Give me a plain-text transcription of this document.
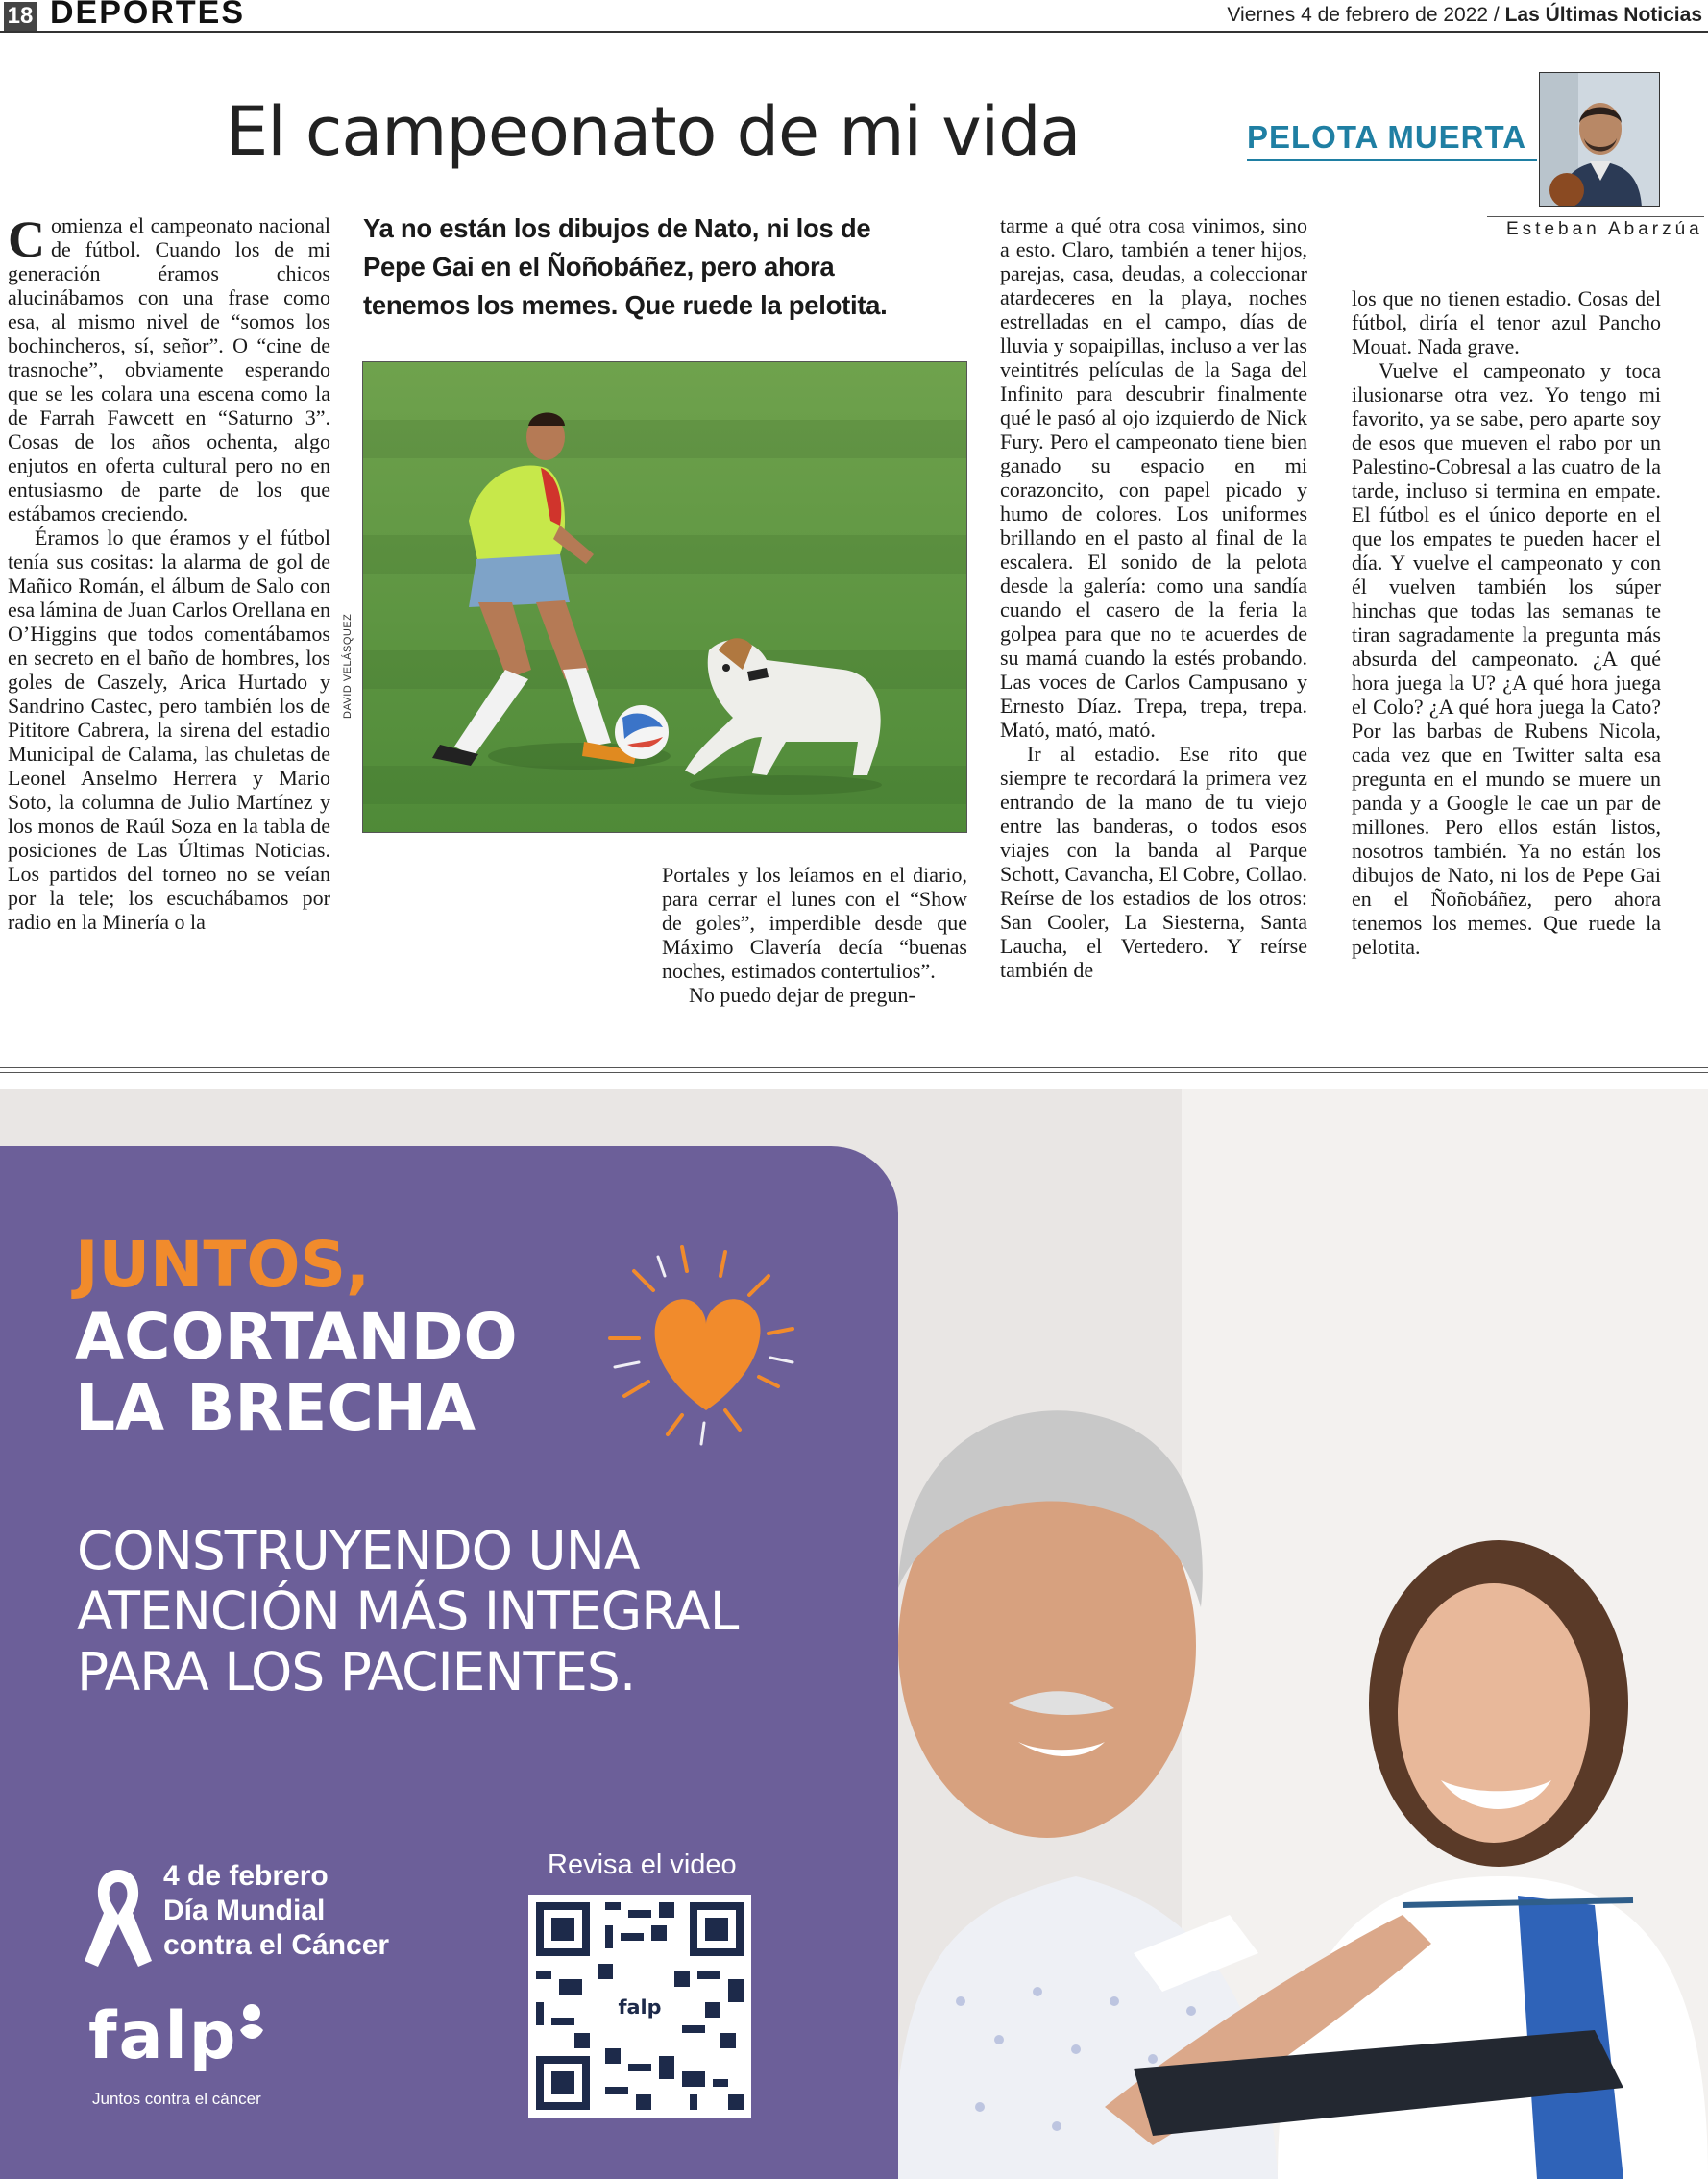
18 DEPORTES	Viernes 4 de febrero de 2022 / Las Últimas Noticias
El campeonato de mi vida	PELOTA MUERTA
Esteban Abarzúa

Comienza el campeonato nacional de fútbol. Cuando los de mi generación éramos chicos alucinábamos con una frase como esa, al mismo nivel de “somos los bochincheros, sí, señor”. O “cine de trasnoche”, obviamente esperando que se les colara una escena como la de Farrah Fawcett en “Saturno 3”. Cosas de los años ochenta, algo enjutos en oferta cultural pero no en entusiasmo de parte de los que estábamos creciendo.

Éramos lo que éramos y el fútbol tenía sus cositas: la alarma de gol de Mañico Román, el álbum de Salo con esa lámina de Juan Carlos Orellana en O’Higgins que todos comentábamos en secreto en el baño de hombres, los goles de Caszely, Arica Hurtado y Sandrino Castec, pero también los de Pititore Cabrera, la sirena del estadio Municipal de Calama, las chuletas de Leonel Anselmo Herrera y Mario Soto, la columna de Julio Martínez y los monos de Raúl Soza en la tabla de posiciones de Las Últimas Noticias. Los partidos del torneo no se veían por la tele; los escuchábamos por radio en la Minería o la

Ya no están los dibujos de Nato, ni los de Pepe Gai en el Ñoñobáñez, pero ahora tenemos los memes. Que ruede la pelotita.
DAVID VELÁSQUEZ

Portales y los leíamos en el diario, para cerrar el lunes con el “Show de goles”, imperdible desde que Máximo Clavería decía “buenas noches, estimados contertulios”.

No puedo dejar de pregun-

tarme a qué otra cosa vinimos, sino a esto. Claro, también a tener hijos, parejas, casa, deudas, a coleccionar atardeceres en la playa, noches estrelladas en el campo, días de lluvia y sopaipillas, incluso a ver las veintitrés películas de la Saga del Infinito para descubrir finalmente qué le pasó al ojo izquierdo de Nick Fury. Pero el campeonato tiene bien ganado su espacio en mi corazoncito, con papel picado y humo de colores. Los uniformes brillando en el pasto al final de la escalera. El sonido de la pelota desde la galería: como una sandía cuando el casero de la feria la golpea para que no te acuerdes de su mamá cuando la estés probando. Las voces de Carlos Campusano y Ernesto Díaz. Trepa, trepa, trepa. Mató, mató, mató.

Ir al estadio. Ese rito que siempre te recordará la primera vez entrando de la mano de tu viejo entre las banderas, o todos esos viajes con la banda al Parque Schott, Cavancha, El Cobre, Collao. Reírse de los estadios de los otros: San Cooler, La Siesterna, Santa Laucha, el Vertedero. Y reírse también de

los que no tienen estadio. Cosas del fútbol, diría el tenor azul Pancho Mouat. Nada grave.

Vuelve el campeonato y toca ilusionarse otra vez. Yo tengo mi favorito, ya se sabe, pero aparte soy de esos que mueven el rabo por un Palestino-Cobresal a las cuatro de la tarde, incluso si termina en empate. El fútbol es el único deporte en el que los empates te pueden hacer el día. Y vuelve el campeonato y con él vuelven también los súper hinchas que todas las semanas te tiran sagradamente la pregunta más absurda del campeonato. ¿A qué hora juega la U? ¿A qué hora juega el Colo? ¿A qué hora juega la Cato? Por las barbas de Rubens Nicola, cada vez que en Twitter salta esa pregunta en el mundo se muere un panda y a Google le cae un par de millones. Pero ellos están listos, nosotros también. Ya no están los dibujos de Nato, ni los de Pepe Gai en el Ñoñobáñez, pero ahora tenemos los memes. Que ruede la pelotita.

JUNTOS,
ACORTANDO
LA BRECHA
CONSTRUYENDO UNA
ATENCIÓN MÁS INTEGRAL
PARA LOS PACIENTES.
4 de febrero
Día Mundial
contra el Cáncer
Revisa el video
falp
falp
Juntos contra el cáncer
